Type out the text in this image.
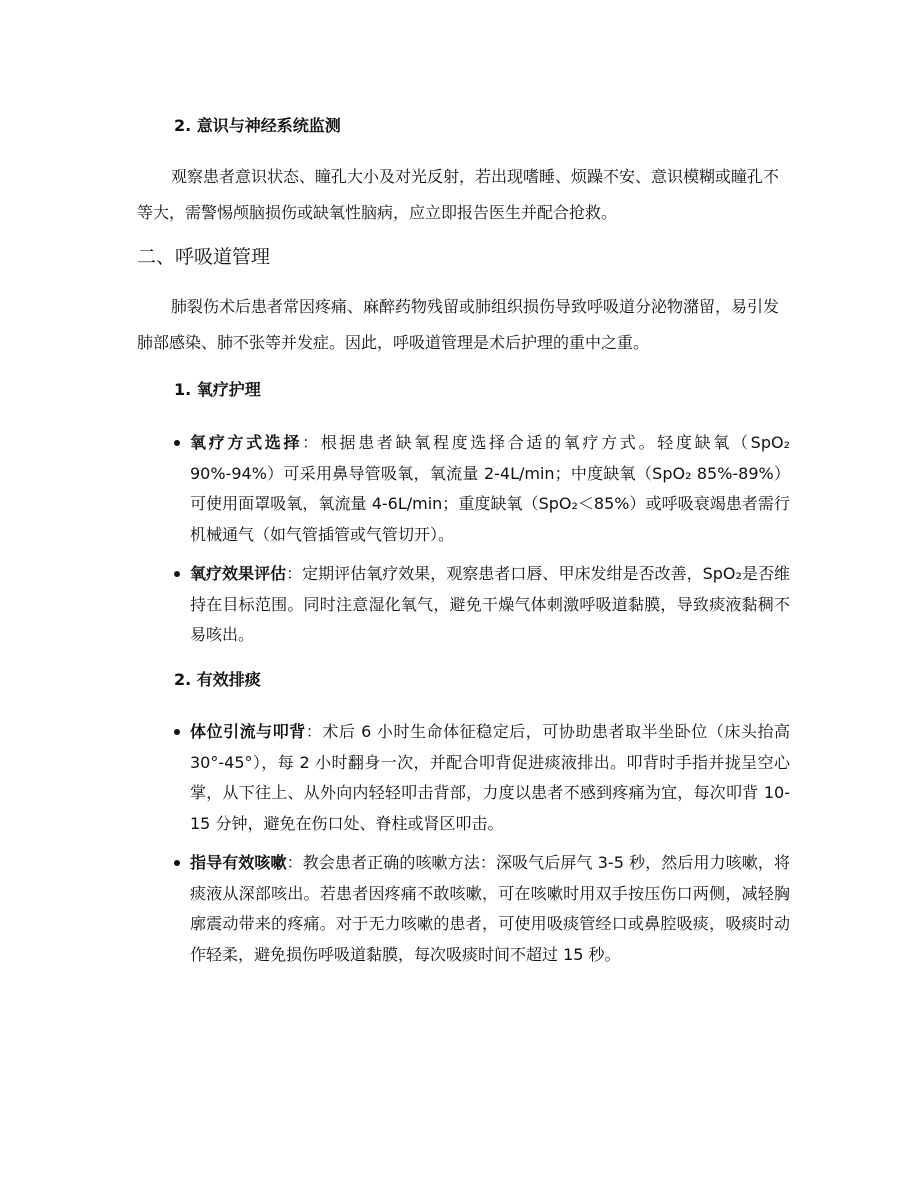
2. 意识与神经系统监测

观察患者意识状态、瞳孔大小及对光反射，若出现嗜睡、烦躁不安、意识模糊或瞳孔不等大，需警惕颅脑损伤或缺氧性脑病，应立即报告医生并配合抢救。

二、呼吸道管理

肺裂伤术后患者常因疼痛、麻醉药物残留或肺组织损伤导致呼吸道分泌物潴留，易引发肺部感染、肺不张等并发症。因此，呼吸道管理是术后护理的重中之重。

1. 氧疗护理
氧疗方式选择：根据患者缺氧程度选择合适的氧疗方式。轻度缺氧（SpO₂ 90%-94%）可采用鼻导管吸氧，氧流量 2-4L/min；中度缺氧（SpO₂ 85%-89%）可使用面罩吸氧，氧流量 4-6L/min；重度缺氧（SpO₂＜85%）或呼吸衰竭患者需行机械通气（如气管插管或气管切开）。
氧疗效果评估：定期评估氧疗效果，观察患者口唇、甲床发绀是否改善，SpO₂是否维持在目标范围。同时注意湿化氧气，避免干燥气体刺激呼吸道黏膜，导致痰液黏稠不易咳出。
2. 有效排痰
体位引流与叩背：术后 6 小时生命体征稳定后，可协助患者取半坐卧位（床头抬高 30°-45°），每 2 小时翻身一次，并配合叩背促进痰液排出。叩背时手指并拢呈空心掌，从下往上、从外向内轻轻叩击背部，力度以患者不感到疼痛为宜，每次叩背 10-15 分钟，避免在伤口处、脊柱或肾区叩击。
指导有效咳嗽：教会患者正确的咳嗽方法：深吸气后屏气 3-5 秒，然后用力咳嗽，将痰液从深部咳出。若患者因疼痛不敢咳嗽，可在咳嗽时用双手按压伤口两侧，减轻胸廓震动带来的疼痛。对于无力咳嗽的患者，可使用吸痰管经口或鼻腔吸痰，吸痰时动作轻柔，避免损伤呼吸道黏膜，每次吸痰时间不超过 15 秒。
